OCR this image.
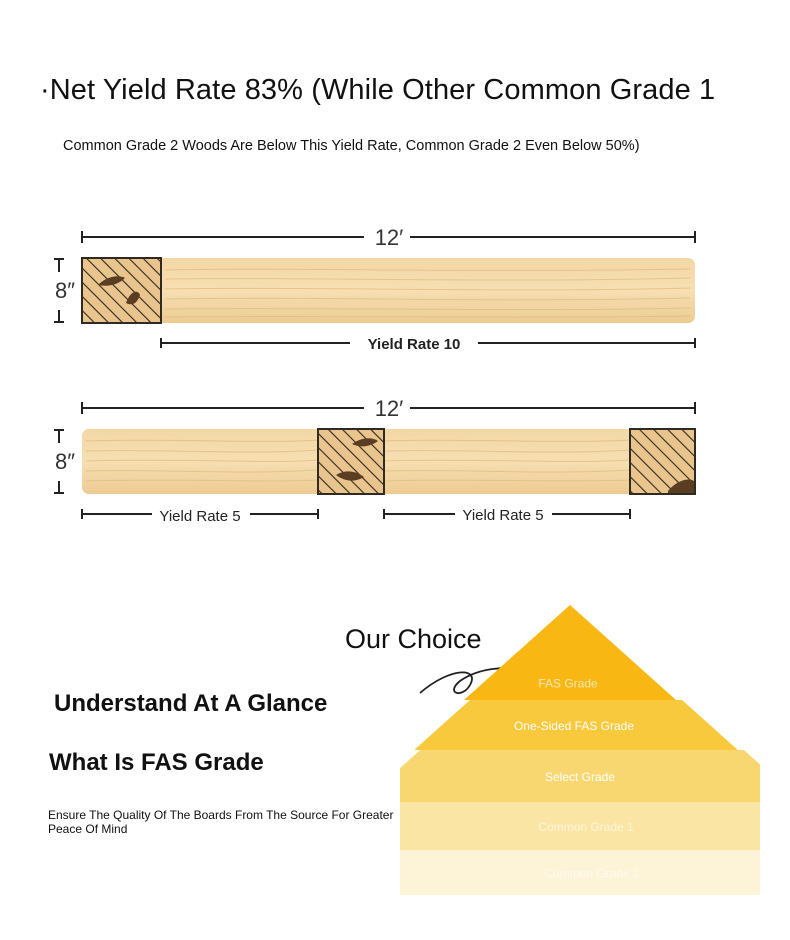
·Net Yield Rate 83% (While Other Common Grade 1
Common Grade 2 Woods Are Below This Yield Rate, Common Grade 2 Even Below 50%)
12′
8″
Yield Rate 10
12′
8″
Yield Rate 5	Yield Rate 5
Our Choice
Understand At A Glance
What Is FAS Grade
Ensure The Quality Of The Boards From The Source For Greater Peace Of Mind
FAS Grade
One-Sided FAS Grade
Select Grade
Common Grade 1
Common Grade 2
